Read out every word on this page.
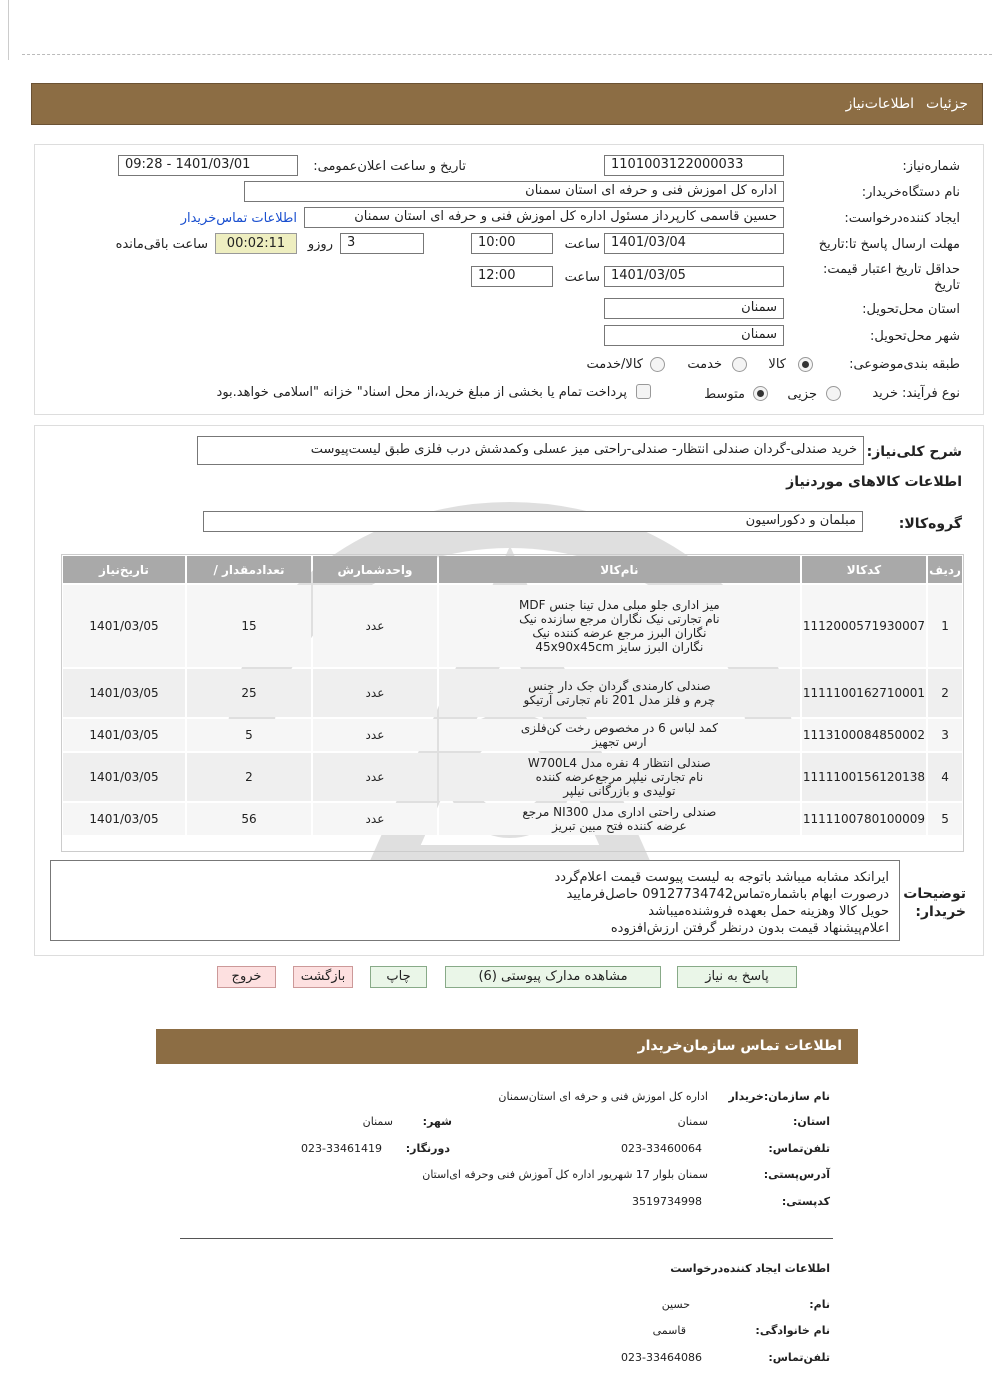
جزئیات
اطلاعات‌نیاز
شماره‌نیاز:
1101003122000033
تاریخ و ساعت اعلان‌عمومی:
1401/03/01 - 09:28
نام دستگاه‌خریدار:
اداره کل اموزش فنی و حرفه ای استان سمنان
ایجاد کننده‌درخواست:
حسین قاسمی کارپرداز مسئول اداره کل اموزش فنی و حرفه ای استان سمنان
اطلاعات تماس‌خریدار
مهلت ارسال پاسخ تا:تاریخ
1401/03/04
ساعت
10:00
3
روزو
00:02:11
ساعت باقی‌مانده
حداقل تاریخ اعتبار قیمت:
تاریخ
1401/03/05
ساعت
12:00
استان محل‌تحویل:
سمنان
شهر محل‌تحویل:
سمنان
طبقه بندی‌موضوعی:
کالا
خدمت
کالا/خدمت
نوع فرآیند:
خرید
جزیی
متوسط
پرداخت تمام یا بخشی از مبلغ خرید،از محل اسناد" خزانه "اسلامی خواهد.بود
شرح کلی‌نیاز:
خرید صندلی-گردان صندلی انتظار- صندلی-راحتی میز عسلی وکمدشش درب فلزی طبق لیست‌پیوست
اطلاعات کالاهای موردنیاز
گروه‌کالا:
مبلمان و دکوراسیون
ردیف	کدکالا	نام‌کالا	واحدشمارش	تعدادمقدار /	تاریخ‌نیاز
1	1112000571930007	میز اداری جلو مبلی مدل تینا جنس MDF نام تجارتی نیک نگاران مرجع سازنده نیک نگاران البرز مرجع عرضه کننده نیک نگاران البرز سایز 45x90x45cm	عدد	15	1401/03/05
2	1111100162710001	صندلی کارمندی گردان جک دار جنس چرم و فلز مدل 201 نام تجارتی آرتیکو	عدد	25	1401/03/05
3	1113100084850002	کمد لباس 6 در مخصوص رخت کن‌فلزی ارس تجهیز	عدد	5	1401/03/05
4	1111100156120138	صندلی انتظار 4 نفره مدل W700L4 نام تجارتی نیلپر مرجع‌عرضه کننده تولیدی و بازرگانی نیلپر	عدد	2	1401/03/05
5	1111100780100009	صندلی راحتی اداری مدل NI300 مرجع عرضه کننده فتح مبین تبریز	عدد	56	1401/03/05
توضیحات خریدار:
ایرانکد مشابه میباشد باتوجه به لیست پیوست قیمت اعلام‌گردد
درصورت ابهام باشماره‌تماس09127734742 حاصل‌فرمایید
حویل کالا وهزینه حمل بعهده فروشنده‌میباشد
اعلام‌پیشنهاد قیمت بدون درنظر گرفتن ارزش‌افزوده
پاسخ به نیاز
مشاهده مدارک پیوستی (6)
چاپ
بازگشت
خروج
اطلاعات تماس سازمان‌خریدار
نام سازمان:خریدار
اداره کل اموزش فنی و حرفه ای استان‌سمنان
استان:
سمنان
شهر:
سمنان
تلفن‌تماس:
023-33460064
دورنگار:
023-33461419
آدرس‌پستی:
سمنان بلوار 17 شهریور اداره کل آموزش فنی وحرفه ای‌استان
کدپستی:
3519734998
اطلاعات ایجاد کننده‌درخواست
نام:
حسین
نام خانوادگی:
قاسمی
تلفن‌تماس:
023-33464086
